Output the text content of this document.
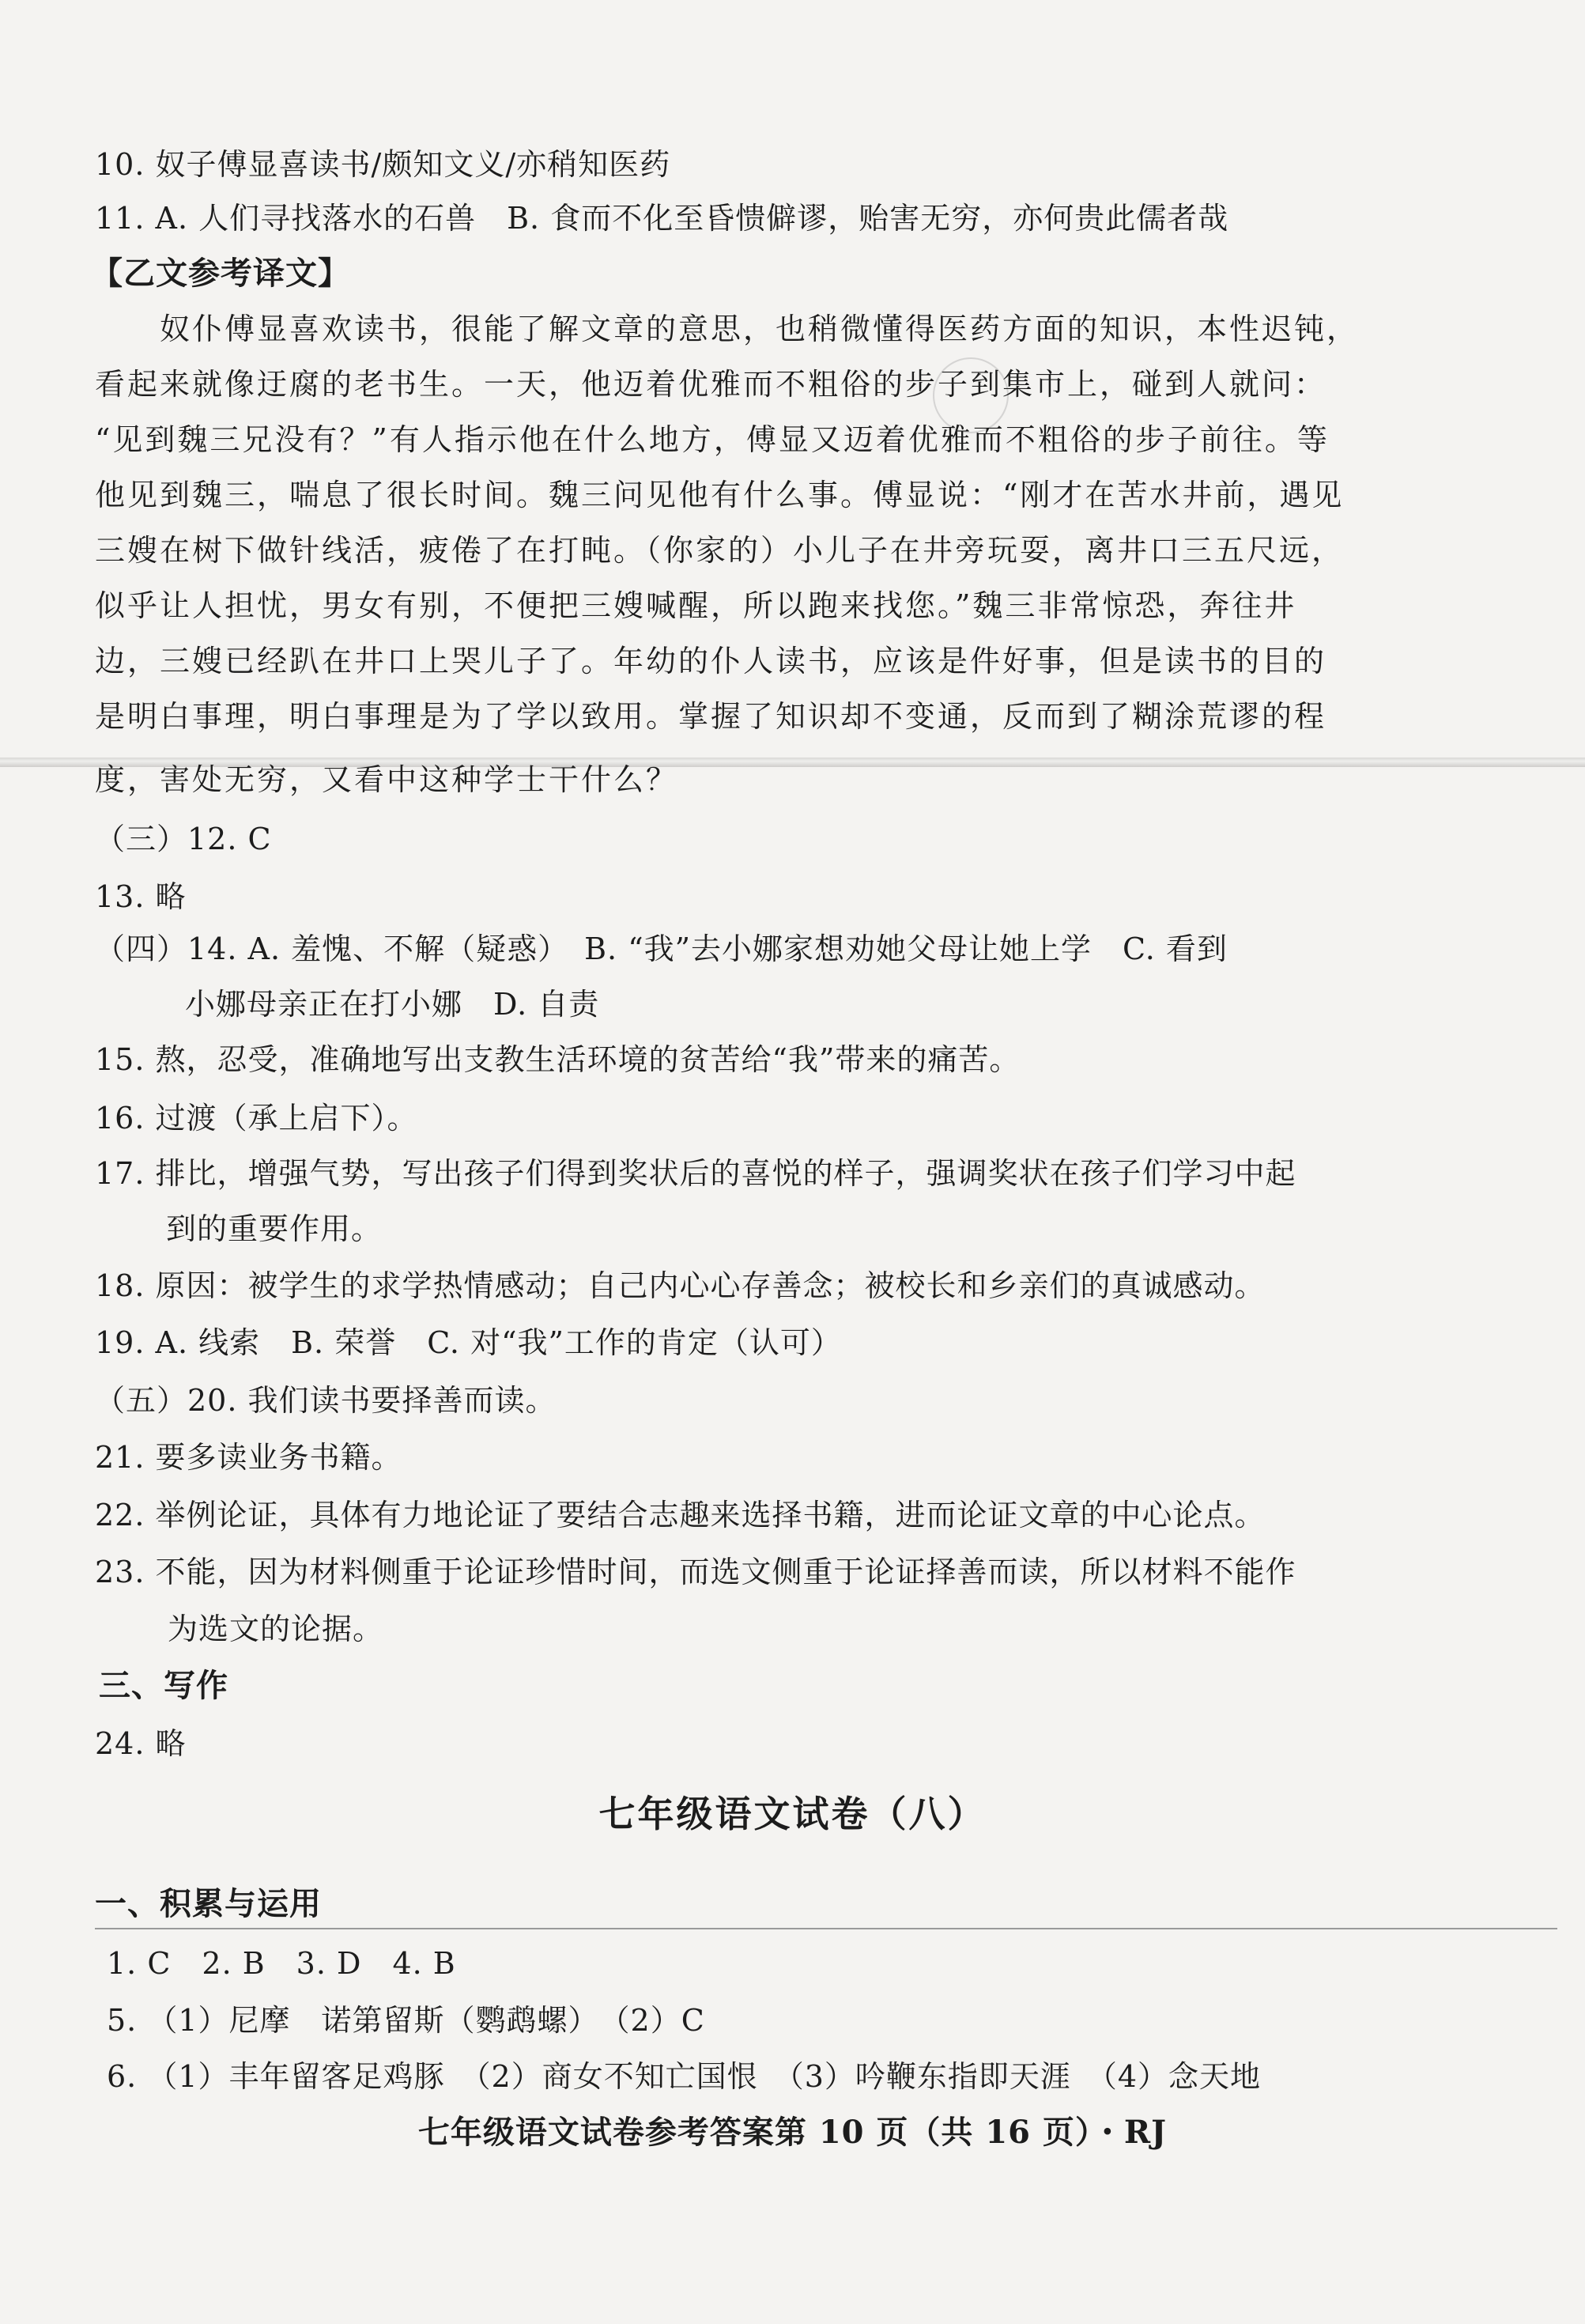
10. 奴子傅显喜读书/颇知文义/亦稍知医药
11. A. 人们寻找落水的石兽　B. 食而不化至昏愦僻谬，贻害无穷，亦何贵此儒者哉
【乙文参考译文】
　　奴仆傅显喜欢读书，很能了解文章的意思，也稍微懂得医药方面的知识，本性迟钝，
看起来就像迂腐的老书生。一天，他迈着优雅而不粗俗的步子到集市上，碰到人就问：
“见到魏三兄没有？”有人指示他在什么地方，傅显又迈着优雅而不粗俗的步子前往。等
他见到魏三，喘息了很长时间。魏三问见他有什么事。傅显说：“刚才在苦水井前，遇见
三嫂在树下做针线活，疲倦了在打盹。（你家的）小儿子在井旁玩耍，离井口三五尺远，
似乎让人担忧，男女有别，不便把三嫂喊醒，所以跑来找您。”魏三非常惊恐，奔往井
边，三嫂已经趴在井口上哭儿子了。年幼的仆人读书，应该是件好事，但是读书的目的
是明白事理，明白事理是为了学以致用。掌握了知识却不变通，反而到了糊涂荒谬的程
度，害处无穷，又看中这种学士干什么？
（三）12. C
13. 略
（四）14. A. 羞愧、不解（疑惑）　B. “我”去小娜家想劝她父母让她上学　C. 看到
小娜母亲正在打小娜　D. 自责
15. 熬，忍受，准确地写出支教生活环境的贫苦给“我”带来的痛苦。
16. 过渡（承上启下）。
17. 排比，增强气势，写出孩子们得到奖状后的喜悦的样子，强调奖状在孩子们学习中起
到的重要作用。
18. 原因：被学生的求学热情感动；自己内心心存善念；被校长和乡亲们的真诚感动。
19. A. 线索　B. 荣誉　C. 对“我”工作的肯定（认可）
（五）20. 我们读书要择善而读。
21. 要多读业务书籍。
22. 举例论证，具体有力地论证了要结合志趣来选择书籍，进而论证文章的中心论点。
23. 不能，因为材料侧重于论证珍惜时间，而选文侧重于论证择善而读，所以材料不能作
为选文的论据。
三、写作
24. 略
七年级语文试卷（八）
一、积累与运用
1. C　2. B　3. D　4. B
5. （1）尼摩　诺第留斯（鹦鹉螺）　（2）C
6. （1）丰年留客足鸡豚　（2）商女不知亡国恨　（3）吟鞭东指即天涯　（4）念天地
七年级语文试卷参考答案第 10 页（共 16 页）・RJ
